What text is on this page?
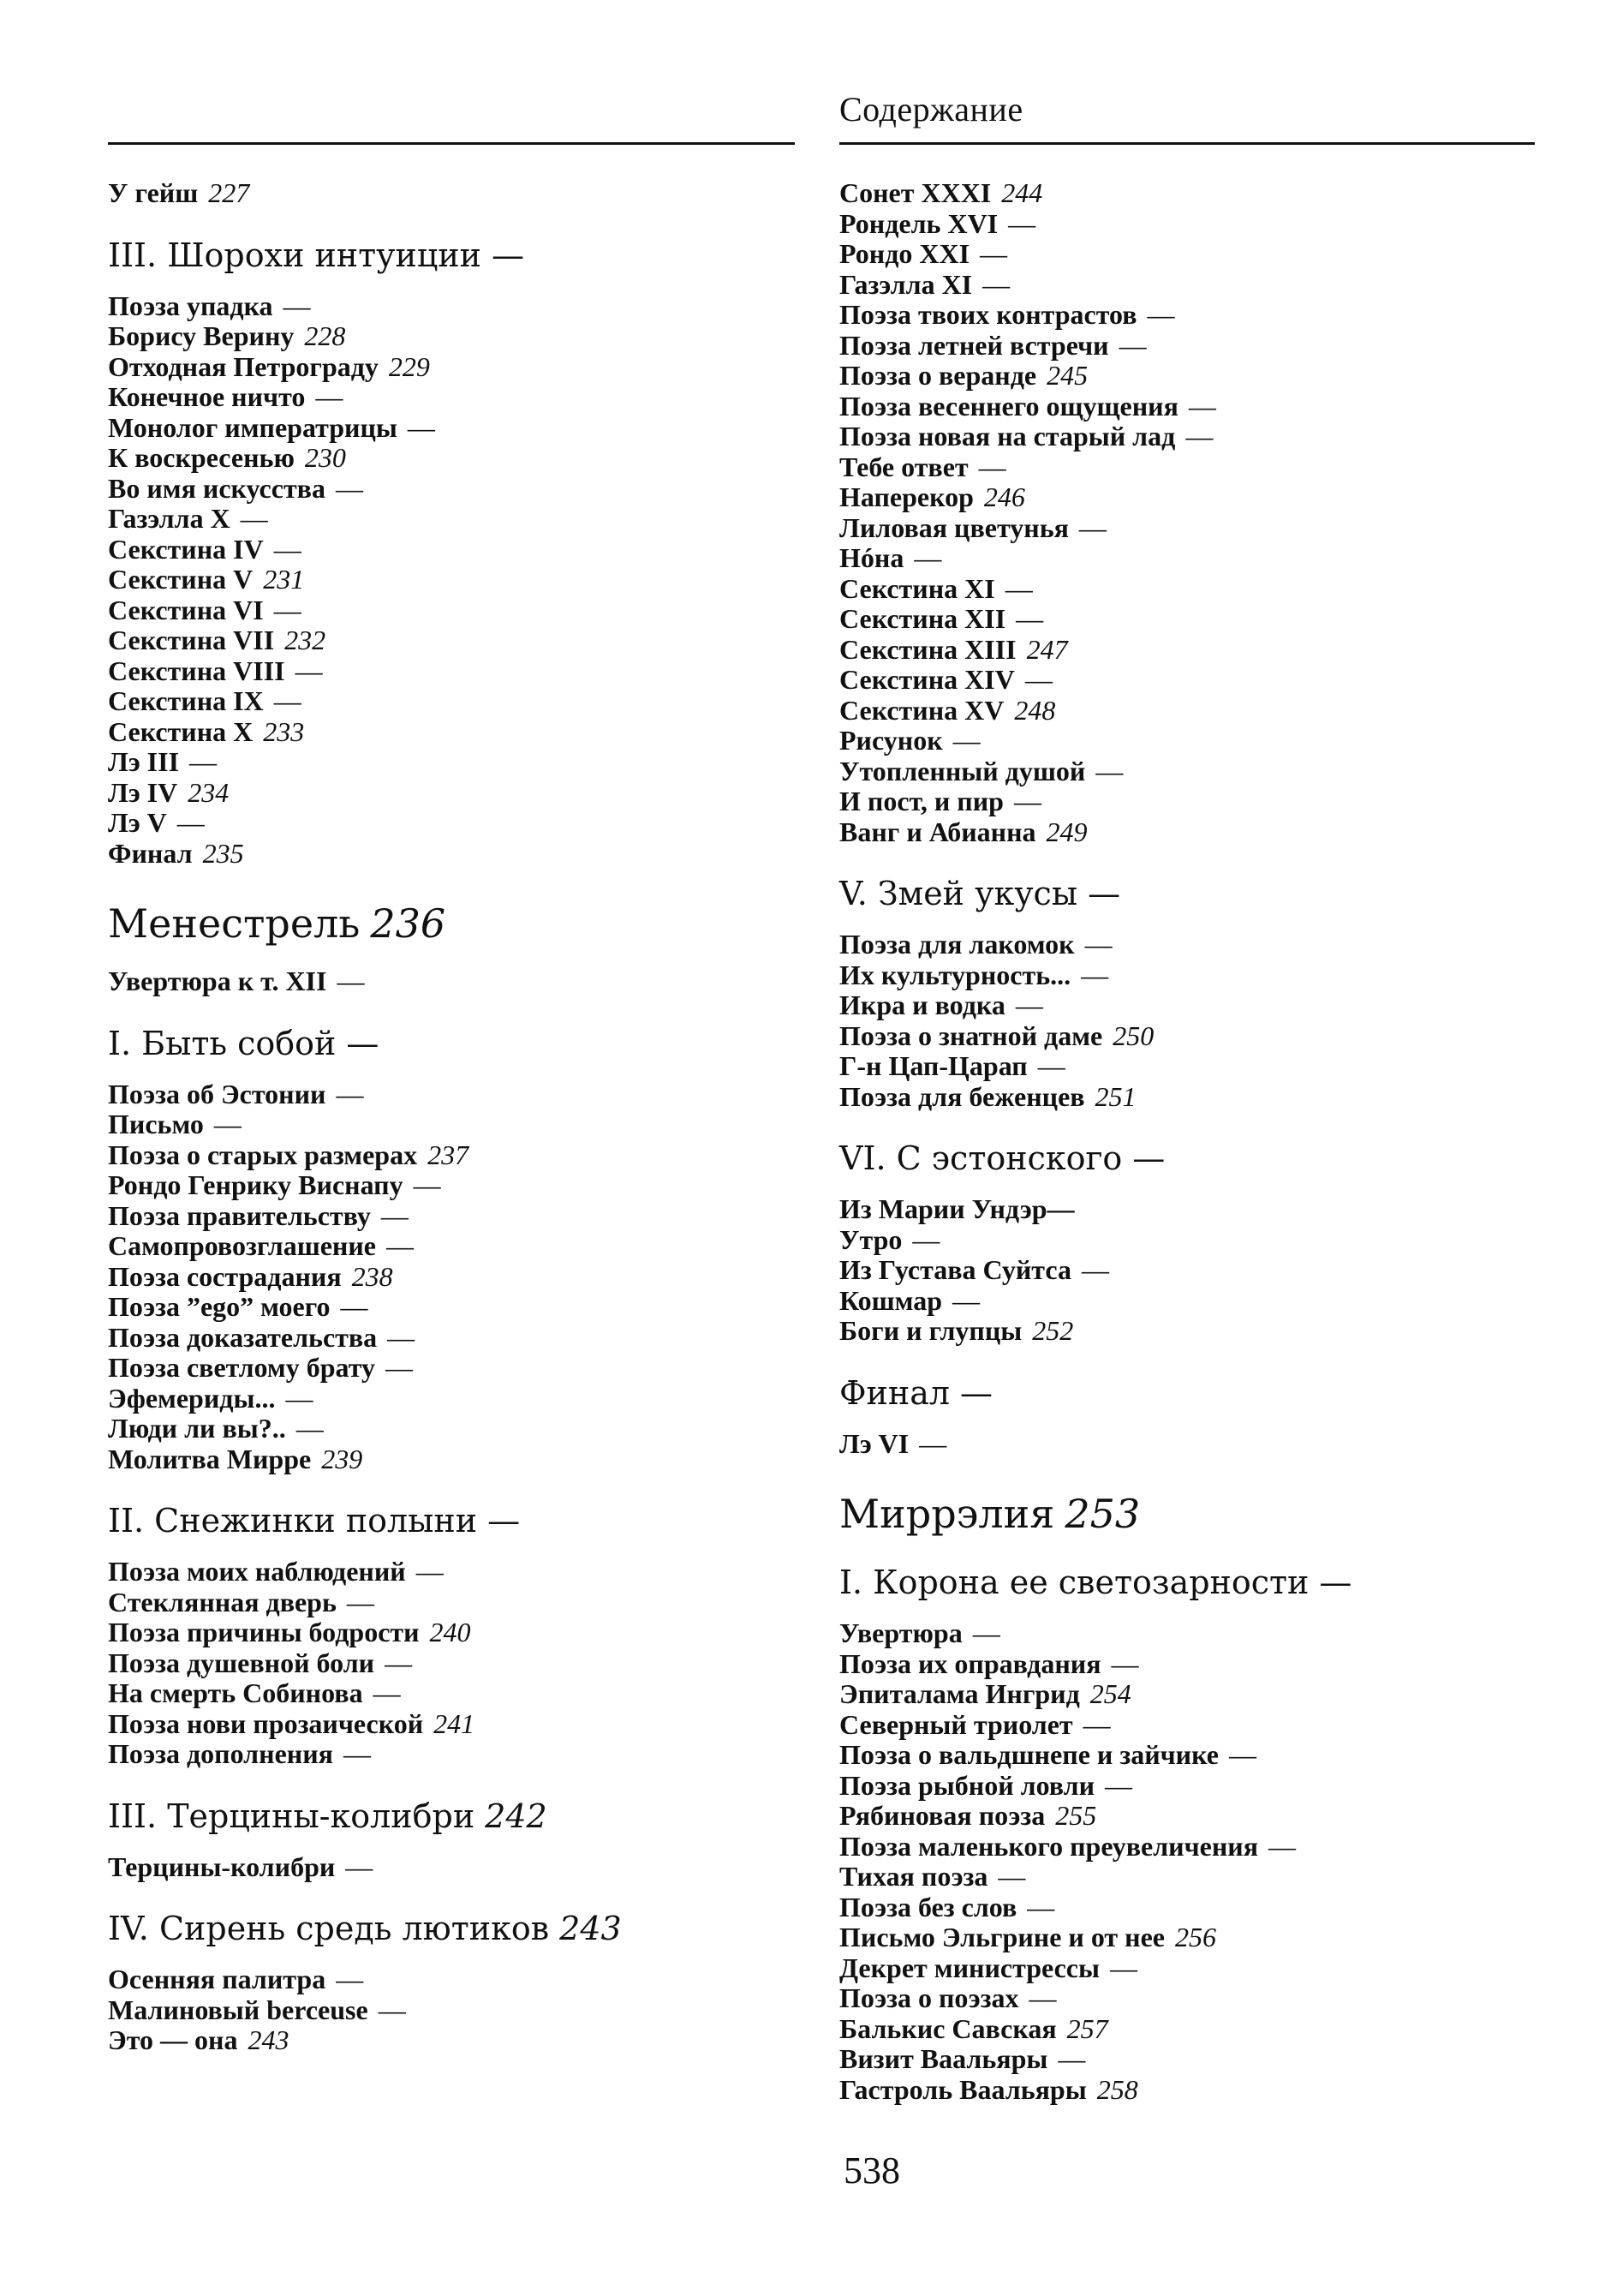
Содержание
У гейш 227
III. Шорохи интуиции —
Поэза упадка —
Борису Верину 228
Отходная Петрограду 229
Конечное ничто —
Монолог императрицы —
К воскресенью 230
Во имя искусства —
Газэлла X —
Секстина IV —
Секстина V 231
Секстина VI —
Секстина VII 232
Секстина VIII —
Секстина IX —
Секстина X 233
Лэ III —
Лэ IV 234
Лэ V —
Финал 235
Менестрель 236
Увертюра к т. XII —
I. Быть собой —
Поэза об Эстонии —
Письмо —
Поэза о старых размерах 237
Рондо Генрику Виснапу —
Поэза правительству —
Самопровозглашение —
Поэза сострадания 238
Поэза ”ego” моего —
Поэза доказательства —
Поэза светлому брату —
Эфемериды... —
Люди ли вы?.. —
Молитва Мирре 239
II. Снежинки полыни —
Поэза моих наблюдений —
Стеклянная дверь —
Поэза причины бодрости 240
Поэза душевной боли —
На смерть Собинова —
Поэза нови прозаической 241
Поэза дополнения —
III. Терцины-колибри 242
Терцины-колибри —
IV. Сирень средь лютиков 243
Осенняя палитра —
Малиновый berceuse —
Это — она 243
Сонет XXXI 244
Рондель XVI —
Рондо XXI —
Газэлла XI —
Поэза твоих контрастов —
Поэза летней встречи —
Поэза о веранде 245
Поэза весеннего ощущения —
Поэза новая на старый лад —
Тебе ответ —
Наперекор 246
Лиловая цветунья —
Нóна —
Секстина XI —
Секстина XII —
Секстина XIII 247
Секстина XIV —
Секстина XV 248
Рисунок —
Утопленный душой —
И пост, и пир —
Ванг и Абианна 249
V. Змей укусы —
Поэза для лакомок —
Их культурность... —
Икра и водка —
Поэза о знатной даме 250
Г-н Цап-Царап —
Поэза для беженцев 251
VI. С эстонского —
Из Марии Ундэр—
Утро —
Из Густава Суйтса —
Кошмар —
Боги и глупцы 252
Финал —
Лэ VI —
Миррэлия 253
I. Корона ее светозарности —
Увертюра —
Поэза их оправдания —
Эпиталама Ингрид 254
Северный триолет —
Поэза о вальдшнепе и зайчике —
Поэза рыбной ловли —
Рябиновая поэза 255
Поэза маленького преувеличения —
Тихая поэза —
Поэза без слов —
Письмо Эльгрине и от нее 256
Декрет министрессы —
Поэза о поэзах —
Балькис Савская 257
Визит Ваальяры —
Гастроль Ваальяры 258
538
